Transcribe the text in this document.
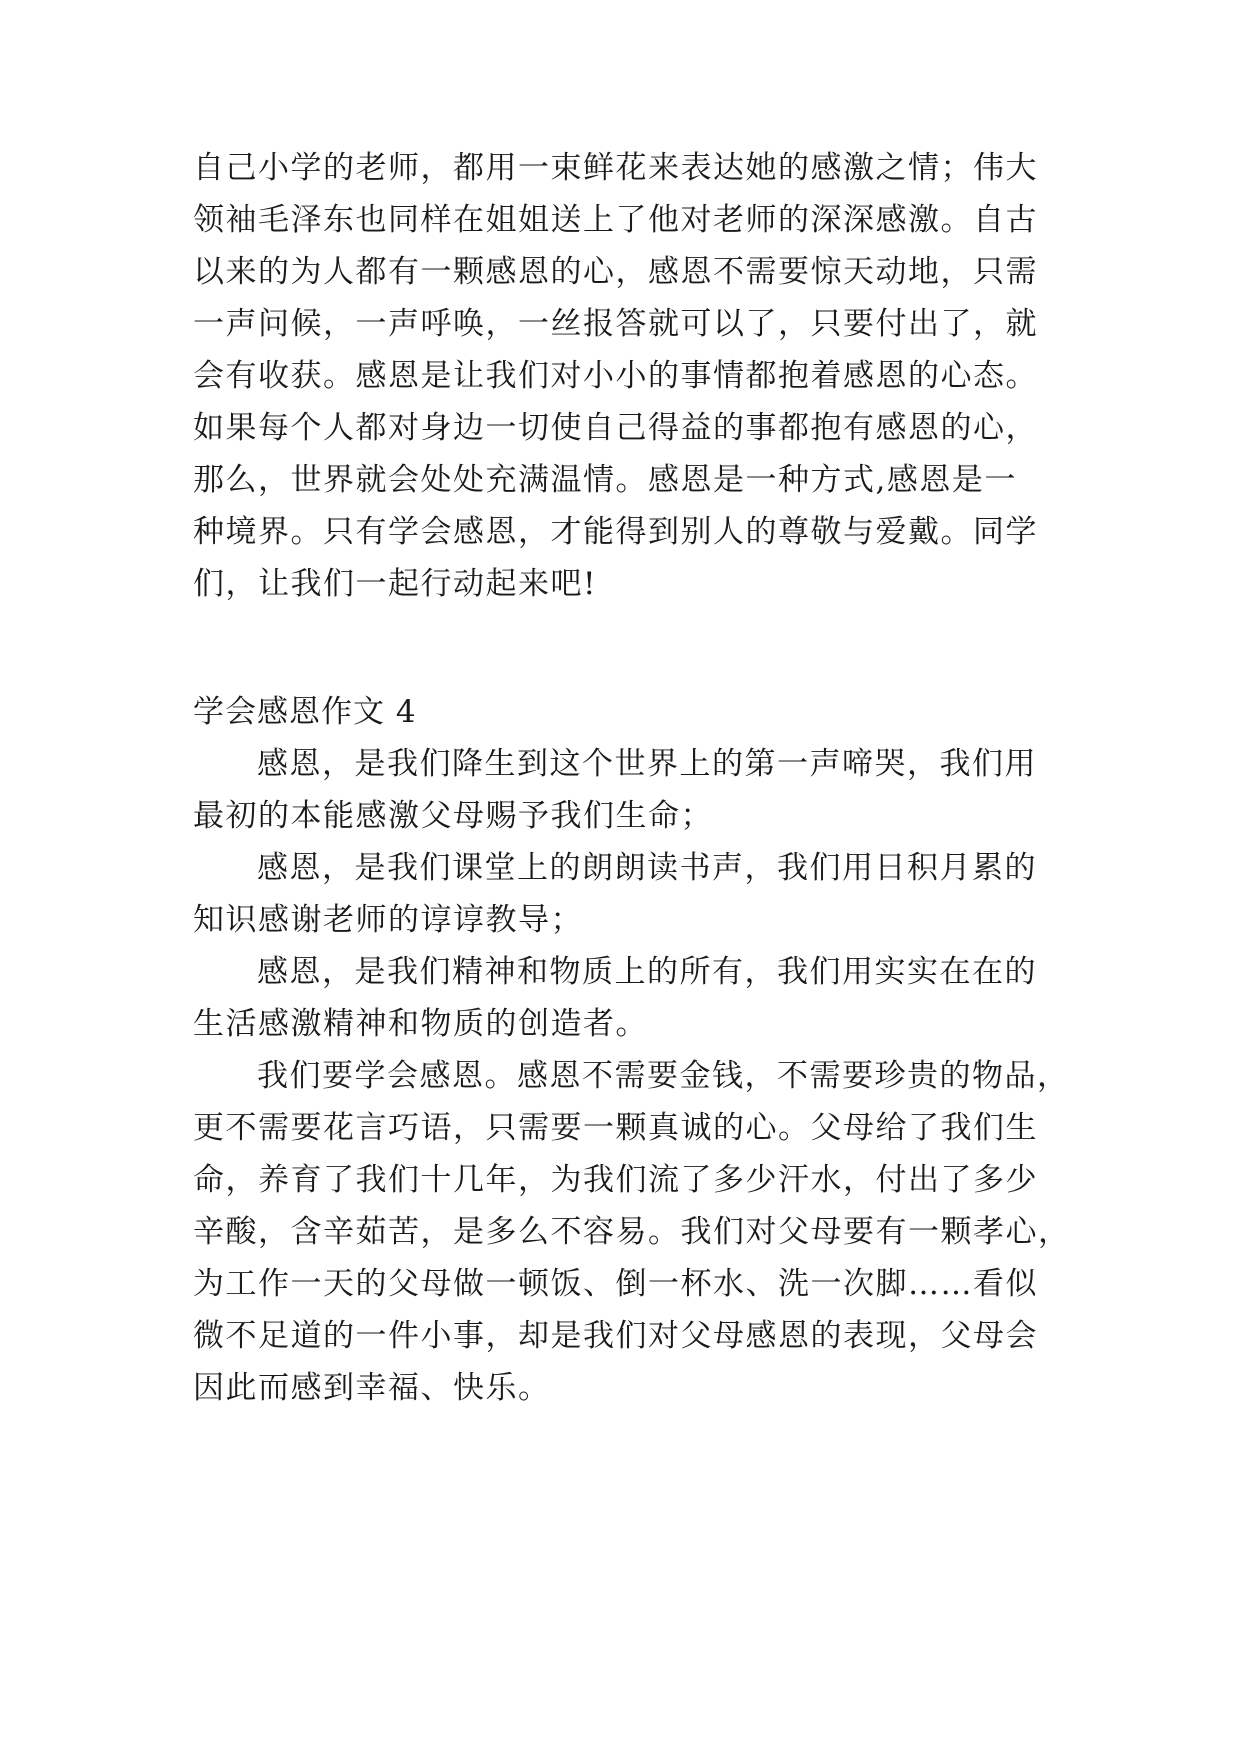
自己小学的老师，都用一束鲜花来表达她的感激之情；伟大
领袖毛泽东也同样在姐姐送上了他对老师的深深感激。自古
以来的为人都有一颗感恩的心，感恩不需要惊天动地，只需
一声问候，一声呼唤，一丝报答就可以了，只要付出了，就
会有收获。感恩是让我们对小小的事情都抱着感恩的心态。
如果每个人都对身边一切使自己得益的事都抱有感恩的心，
那么，世界就会处处充满温情。感恩是一种方式,感恩是一
种境界。只有学会感恩，才能得到别人的尊敬与爱戴。同学
们，让我们一起行动起来吧!
学会感恩作文 4
感恩，是我们降生到这个世界上的第一声啼哭，我们用
最初的本能感激父母赐予我们生命；
感恩，是我们课堂上的朗朗读书声，我们用日积月累的
知识感谢老师的谆谆教导；
感恩，是我们精神和物质上的所有，我们用实实在在的
生活感激精神和物质的创造者。
我们要学会感恩。感恩不需要金钱，不需要珍贵的物品，
更不需要花言巧语，只需要一颗真诚的心。父母给了我们生
命，养育了我们十几年，为我们流了多少汗水，付出了多少
辛酸，含辛茹苦，是多么不容易。我们对父母要有一颗孝心，
为工作一天的父母做一顿饭、倒一杯水、洗一次脚……看似
微不足道的一件小事，却是我们对父母感恩的表现，父母会
因此而感到幸福、快乐。
